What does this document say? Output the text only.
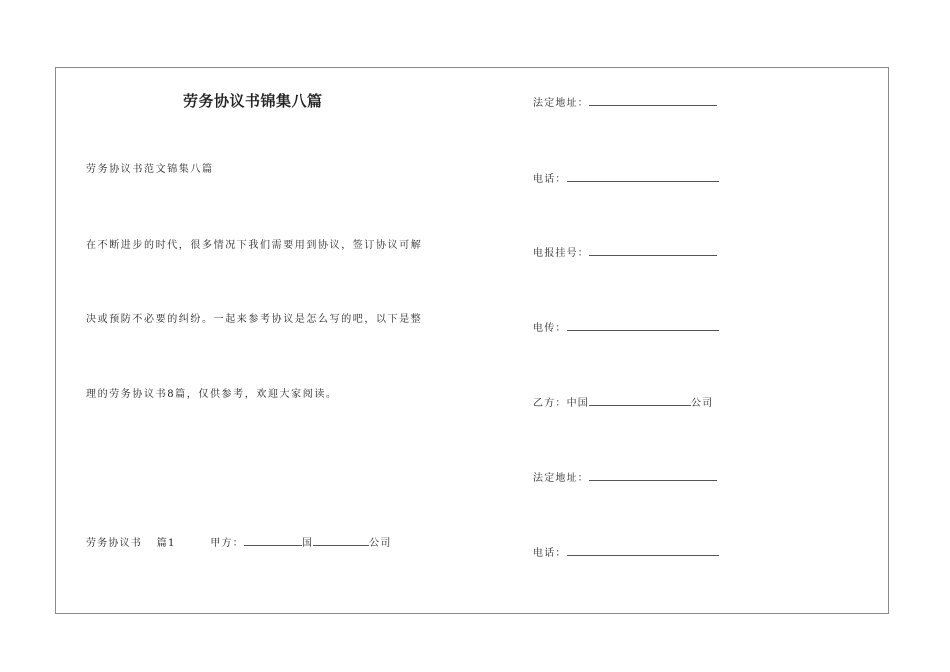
劳务协议书锦集八篇
劳务协议书范文锦集八篇
在不断进步的时代，很多情况下我们需要用到协议，签订协议可解
决或预防不必要的纠纷。一起来参考协议是怎么写的吧，以下是整
理的劳务协议书8篇，仅供参考，欢迎大家阅读。
劳务协议书 篇1	甲方：	国	公司
法定地址：
电话：
电报挂号：
电传：
乙方：中国	公司
法定地址：
电话：
